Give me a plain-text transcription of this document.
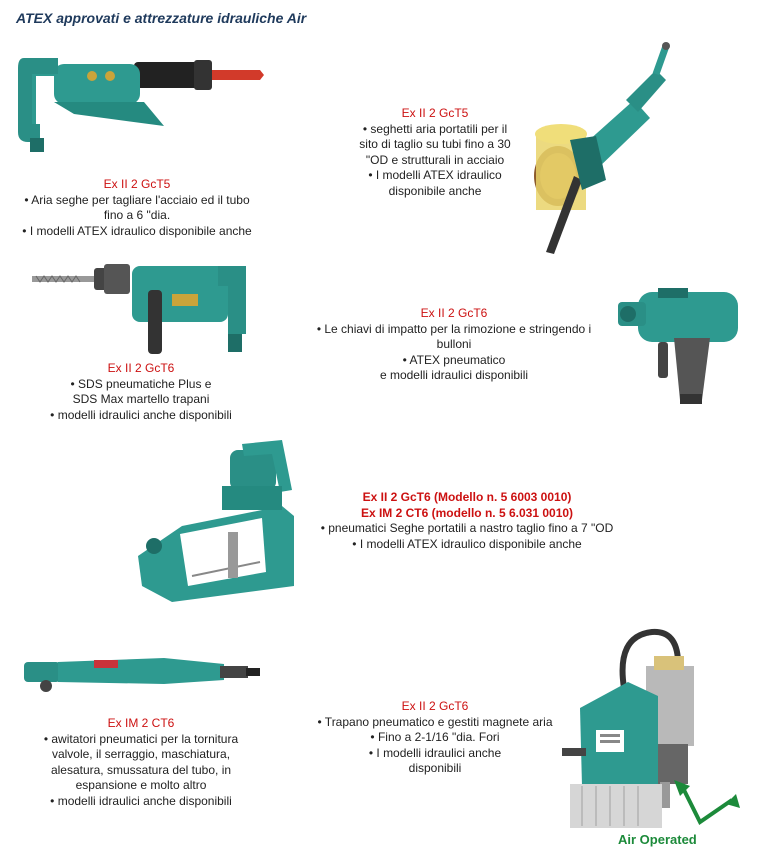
ATEX approvati e attrezzature idrauliche Air
Ex II 2 GcT5
• Aria seghe per tagliare l'acciaio ed il tubo
fino a 6 "dia.
• I modelli ATEX idraulico disponibile anche
Ex II 2 GcT5
• seghetti aria portatili per il
sito di taglio su tubi fino a 30
"OD e strutturali in acciaio
• I modelli ATEX idraulico
disponibile anche
Ex II 2 GcT6
• SDS pneumatiche Plus e
SDS Max martello trapani
• modelli idraulici anche disponibili
Ex II 2 GcT6
• Le chiavi di impatto per la rimozione e stringendo i
bulloni
• ATEX pneumatico
e modelli idraulici disponibili
Ex II 2 GcT6 (Modello n. 5 6003 0010)
Ex IM 2 CT6 (modello n. 5 6.031 0010)
• pneumatici Seghe portatili a nastro taglio fino a 7 "OD
• I modelli ATEX idraulico disponibile anche
Ex IM 2 CT6
• awitatori pneumatici per la tornitura
valvole, il serraggio, maschiatura,
alesatura, smussatura del tubo, in
espansione e molto altro
• modelli idraulici anche disponibili
Ex II 2 GcT6
• Trapano pneumatico e gestiti magnete aria
• Fino a 2-1/16 "dia. Fori
• I modelli idraulici anche
disponibili
Air Operated
